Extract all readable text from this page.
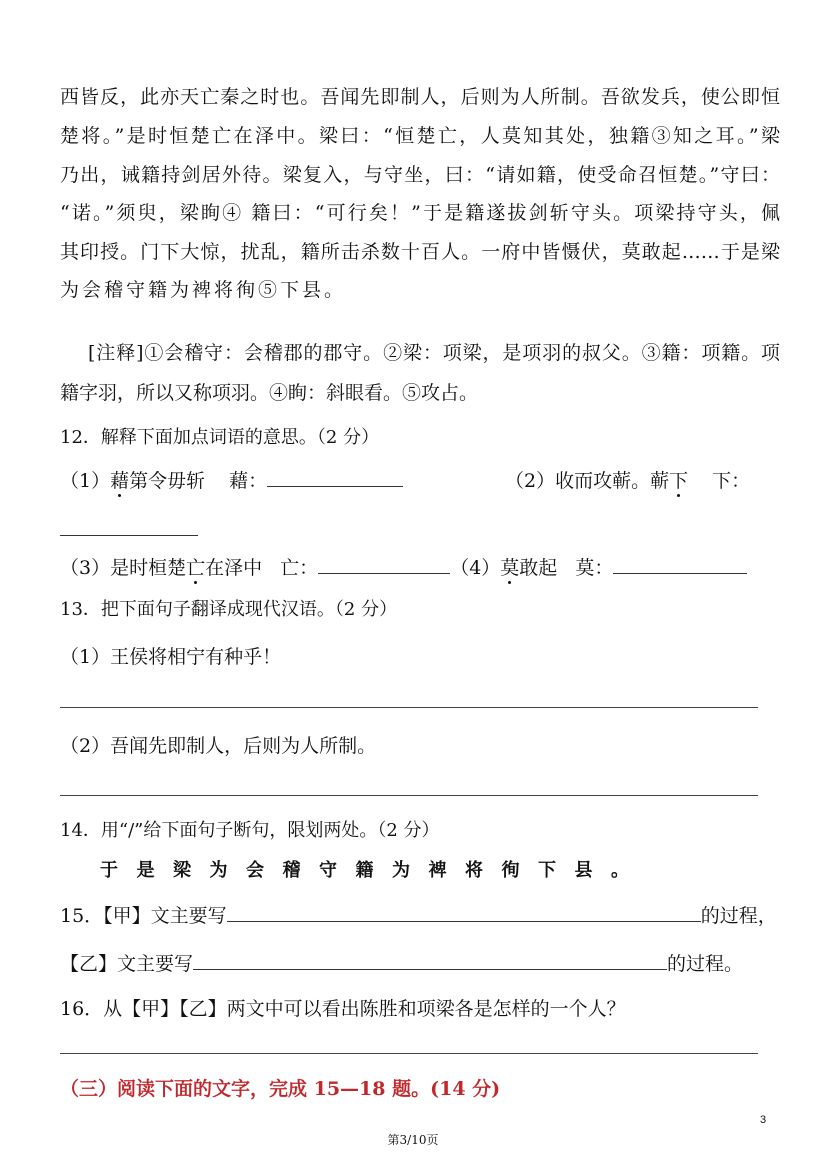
西皆反，此亦天亡秦之时也。吾闻先即制人，后则为人所制。吾欲发兵，使公即恒
楚将。”是时恒楚亡在泽中。梁曰：“恒楚亡，人莫知其处，独籍③知之耳。”梁
乃出，诫籍持剑居外待。梁复入，与守坐，曰：“请如籍，使受命召恒楚。”守曰：
“诺。”须臾，梁眴④ 籍曰：“可行矣！”于是籍遂拔剑斩守头。项梁持守头，佩
其印授。门下大惊，扰乱，籍所击杀数十百人。一府中皆慑伏，莫敢起……于是梁
为会稽守籍为裨将徇⑤下县。
[注释]①会稽守：会稽郡的郡守。②梁：项梁，是项羽的叔父。③籍：项籍。项
籍字羽，所以又称项羽。④眴：斜眼看。⑤攻占。
12．解释下面加点词语的意思。（2 分）
（1）藉第令毋斩 藉：	（2）收而攻蕲。蕲下 下：
（3）是时桓楚亡在泽中 亡：	（4）莫敢起 莫：
13．把下面句子翻译成现代汉语。（2 分）
（1）王侯将相宁有种乎！
（2）吾闻先即制人，后则为人所制。
14．用“/”给下面句子断句，限划两处。（2 分）
于是梁为会稽守籍为裨将徇下县。
15．【甲】文主要写	的过程，
【乙】文主要写	的过程。
16．从【甲】【乙】两文中可以看出陈胜和项梁各是怎样的一个人？
（三）阅读下面的文字，完成 15—18 题。(14 分)
3
第3/10页
